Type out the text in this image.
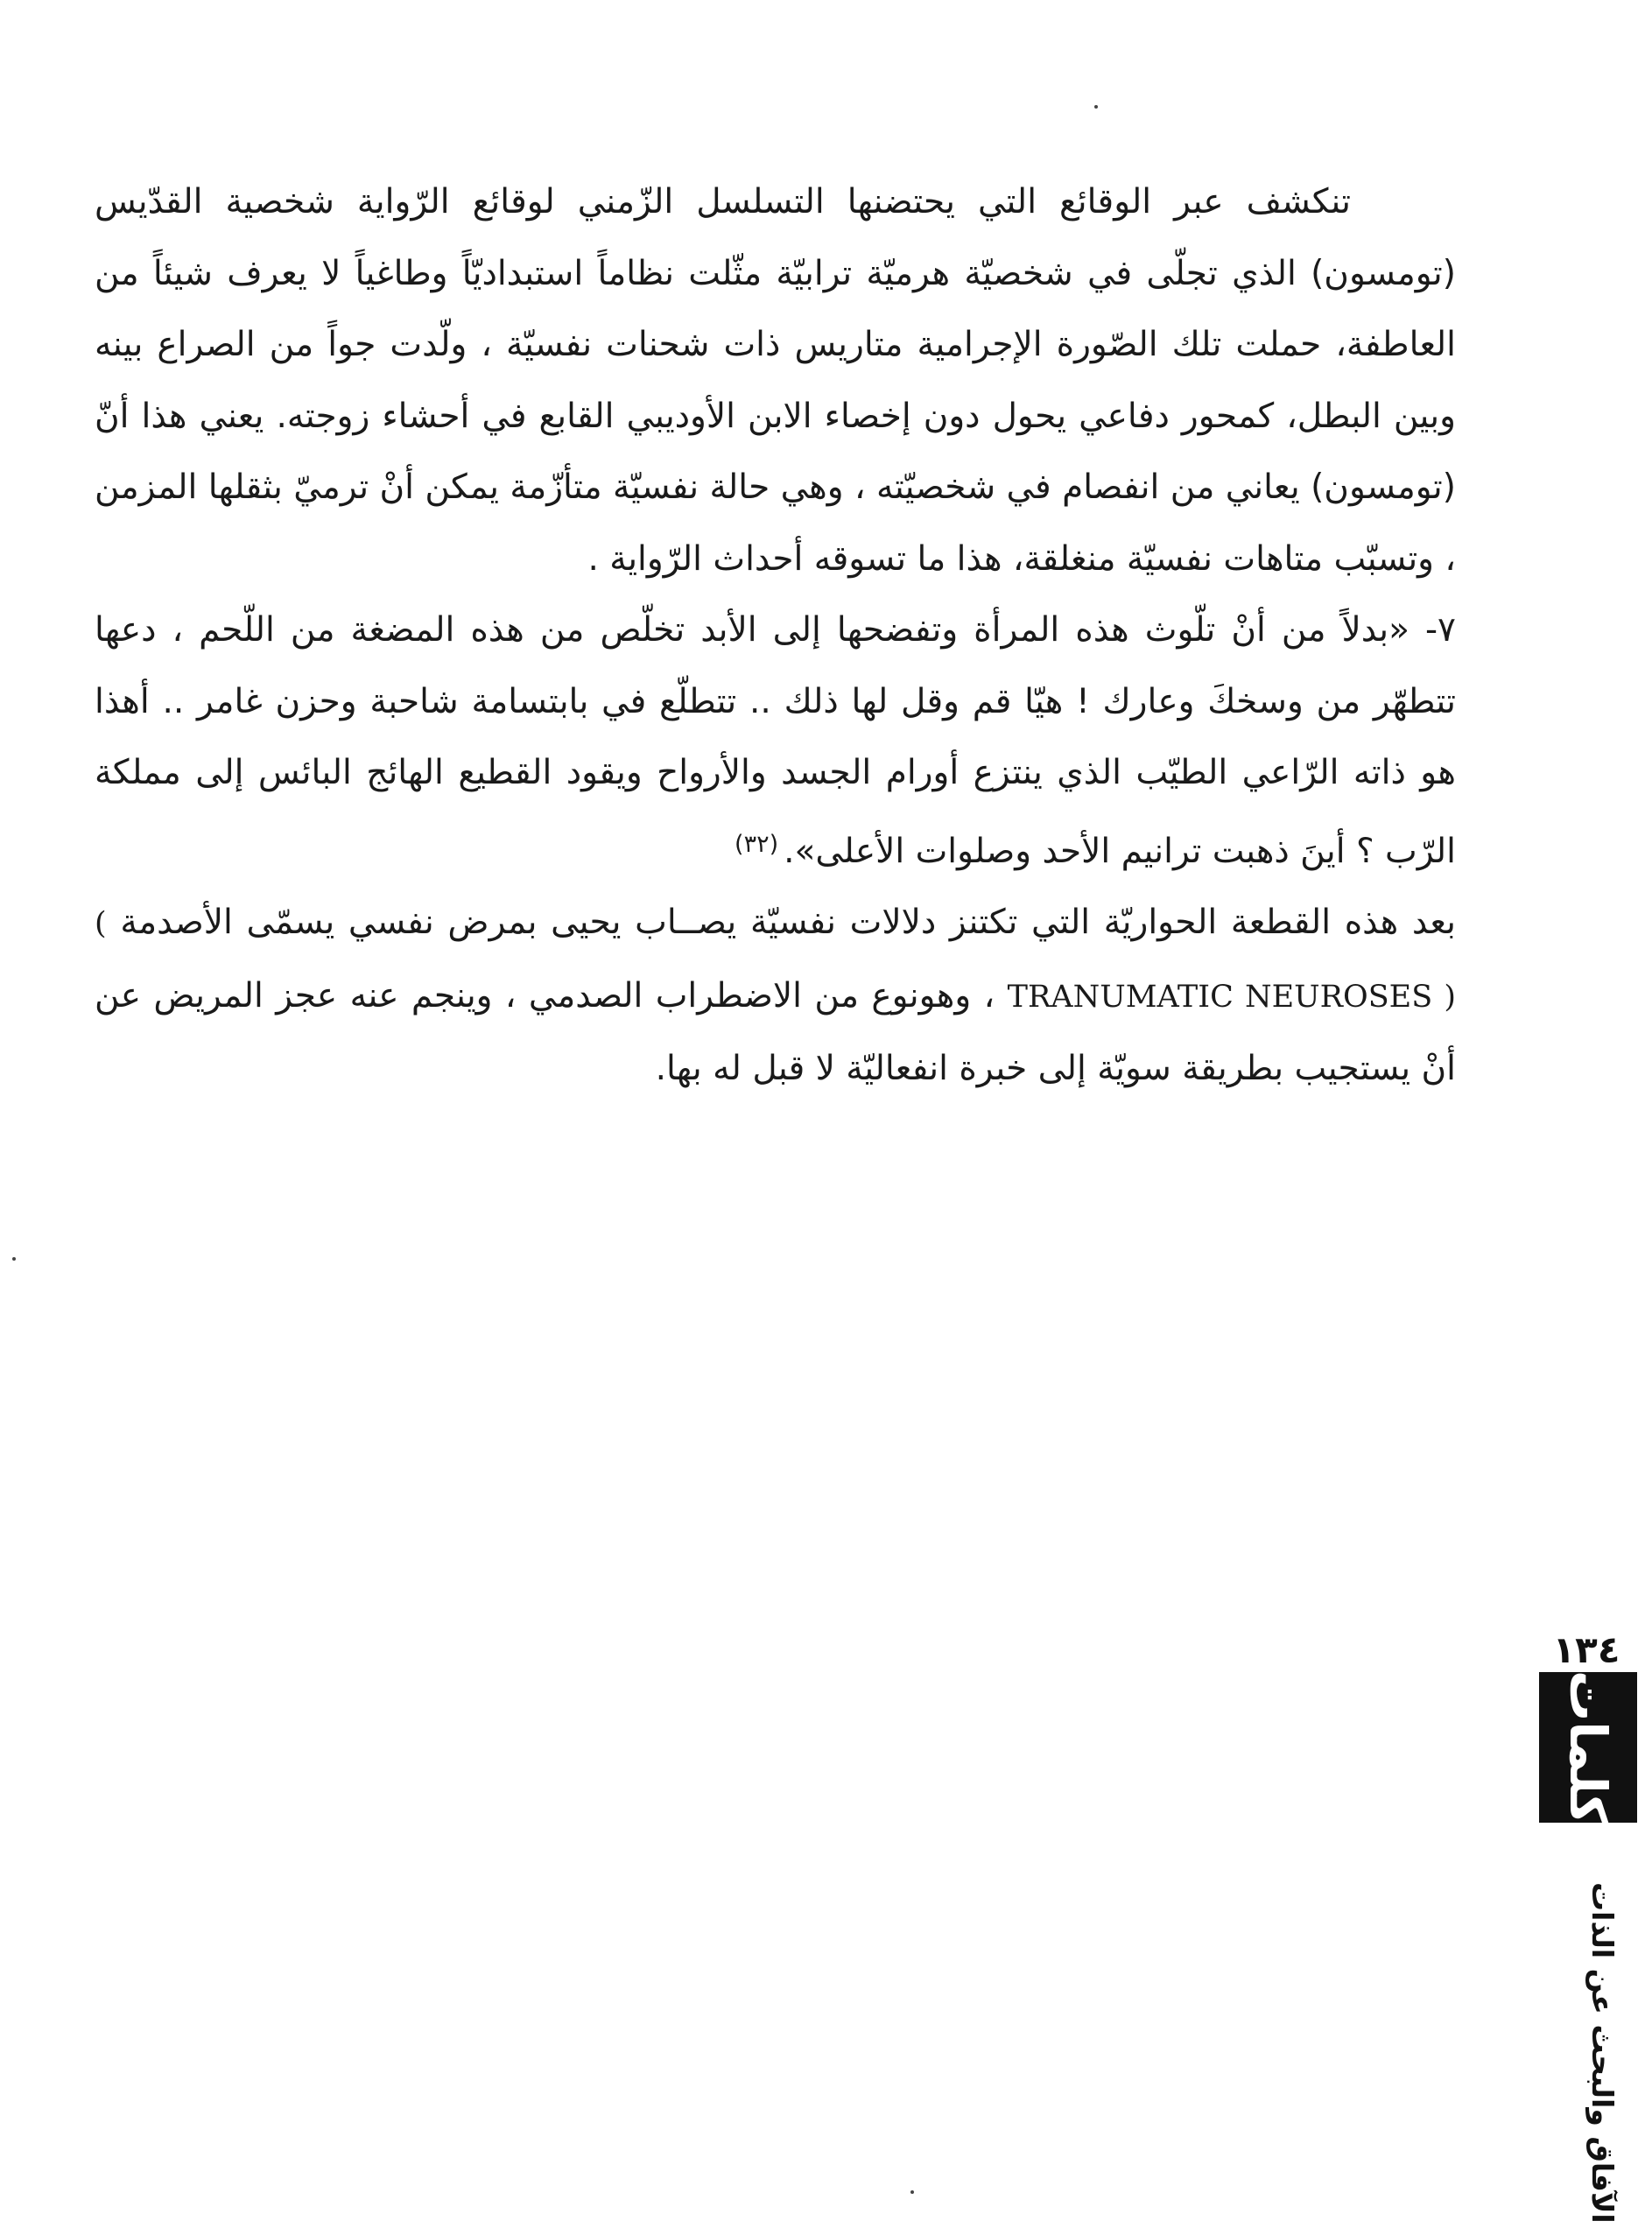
تنكشف عبر الوقائع التي يحتضنها التسلسل الزّمني لوقائع الرّواية شخصية القدّيس (تومسون) الذي تجلّى في شخصيّة هرميّة ترابيّة مثّلت نظاماً استبداديّاً وطاغياً لا يعرف شيئاً من العاطفة، حملت تلك الصّورة الإجرامية متاريس ذات شحنات نفسيّة ، ولّدت جواً من الصراع بينه وبين البطل، كمحور دفاعي يحول دون إخصاء الابن الأوديبي القابع في أحشاء زوجته. يعني هذا أنّ (تومسون) يعاني من انفصام في شخصيّته ، وهي حالة نفسيّة متأزّمة يمكن أنْ ترميّ بثقلها المزمن ، وتسبّب متاهات نفسيّة منغلقة، هذا ما تسوقه أحداث الرّواية .

٧- «بدلاً من أنْ تلّوث هذه المرأة وتفضحها إلى الأبد تخلّص من هذه المضغة من اللّحم ، دعها تتطهّر من وسخكَ وعارك ! هيّا قم وقل لها ذلك .. تتطلّع في بابتسامة شاحبة وحزن غامر .. أهذا هو ذاته الرّاعي الطيّب الذي ينتزع أورام الجسد والأرواح ويقود القطيع الهائج البائس إلى مملكة الرّب ؟ أينَ ذهبت ترانيم الأحد وصلوات الأعلى».$^{(٣٢)}$

بعد هذه القطعة الحواريّة التي تكتنز دلالات نفسيّة يصــاب يحيى بمرض نفسي يسمّى الأصدمة ( TRANUMATIC NEUROSES ) ، وهونوع من الاضطراب الصدمي ، وينجم عنه عجز المريض عن أنْ يستجيب بطريقة سويّة إلى خبرة انفعاليّة لا قبل له بها.

١٣٤
كلمات
الآفاق والبحث عن الذات
